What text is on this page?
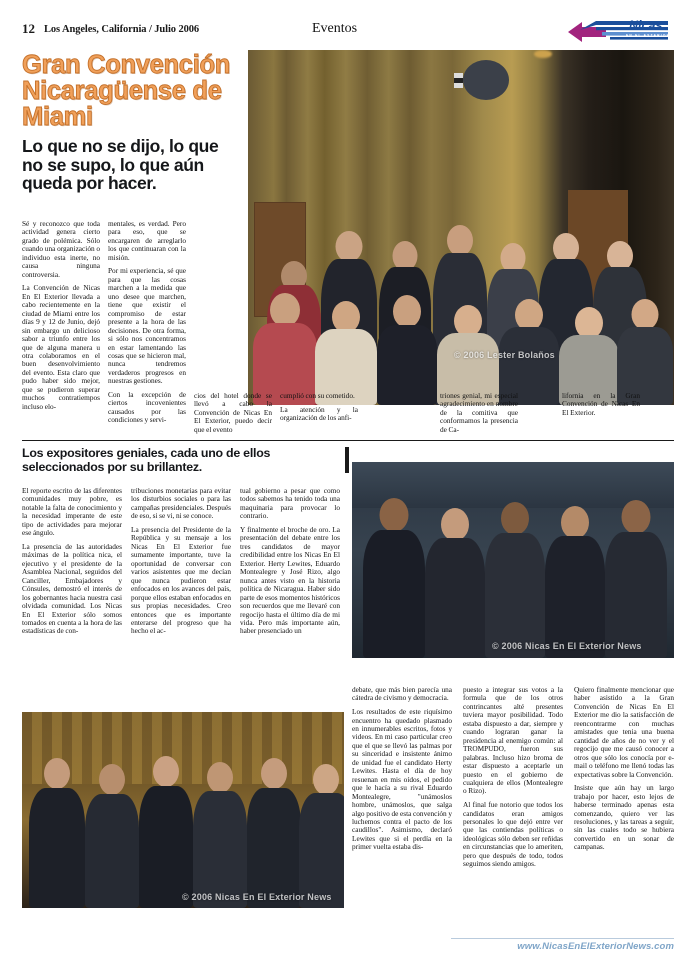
12 Los Angeles, California / Julio 2006	Eventos	Nicas
EN EL EXTERIOR
© 2006 Lester Bolaños
Gran Convención Nicaragüense de Miami
Lo que no se dijo, lo que no se supo, lo que aún queda por hacer.

Sé y reconozco que toda actividad genera cierto grado de polémica. Sólo cuando una organización o individuo esta inerte, no causa ninguna controversia.

La Convención de Nicas En El Exterior llevada a cabo recientemente en la ciudad de Miami entre los días 9 y 12 de Junio, dejó sin embargo un delicioso sabor a triunfo entre los que de alguna manera u otra colaboramos en el buen desenvolvimiento del evento. Esta claro que pudo haber sido mejor, que se pudieron superar muchos contratiempos incluso elo-

mentales, es verdad. Pero para eso, que se encargaren de arreglarlo los que continuaran con la misión.

Por mi experiencia, sé que para que las cosas marchen a la medida que uno desee que marchen, tiene que existir el compromiso de estar presente a la hora de las decisiones. De otra forma, si sólo nos concentramos en estar lamentando las cosas que se hicieron mal, nunca tendremos verdaderos progresos en nuestras gestiones.

Con la excepción de ciertos incovenientes causados por las condiciones y servi-

cios del hotel donde se llevó a cabo la Convención de Nicas En El Exterior, puedo decir que el evento

cumplió con su cometido.

La atención y la organización de los anfi-

triones genial, mi especial agradecimiento en nombre de la comitiva que conformamos la presencia de Ca-

lifornia en la Gran Convención de Nicas En El Exterior.

Los expositores geniales, cada uno de ellos seleccionados por su brillantez.
© 2006 Nicas En El Exterior News

El reporte escrito de las diferentes comunidades muy pobre, es notable la falta de conocimiento y la necesidad imperante de este tipo de actividades para mejorar ese ángulo.

La presencia de las autoridades máximas de la política nica, el ejecutivo y el presidente de la Asamblea Nacional, seguidos del Canciller, Embajadores y Cónsules, demostró el interés de los gobernantes hacia nuestra casi olvidada comunidad. Los Nicas En El Exterior sólo somos tomados en cuenta a la hora de las estadísticas de con-

tribuciones monetarias para evitar los disturbios sociales o para las campañas presidenciales. Después de eso, si se vi, ni se conoce.

La presencia del Presidente de la República y su mensaje a los Nicas En El Exterior fue sumamente importante, tuve la oportunidad de conversar con varios asistentes que me decían que nunca pudieron estar enfocados en los avances del país, porque ellos estaban enfocados en sus propias necesidades. Creo entonces que es importante enterarse del progreso que ha hecho el ac-

tual gobierno a pesar que como todos sabemos ha tenido toda una maquinaria para provocar lo contrario.

Y finalmente el broche de oro. La presentación del debate entre los tres candidatos de mayor credibilidad entre los Nicas En El Exterior. Herty Lewites, Eduardo Montealegre y José Rizo, algo nunca antes visto en la historia política de Nicaragua. Haber sido parte de esos momentos históricos son recuerdos que me llevaré con regocijo hasta el último día de mi vida. Pero más importante aún, haber presenciado un

© 2006 Nicas En El Exterior News

debate, que más bien parecía una cátedra de civismo y democracia.

Los resultados de este riquísimo encuentro ha quedado plasmado en innumerables escritos, fotos y videos. En mi caso particular creo que el que se llevó las palmas por su sinceridad e insistente ánimo de unidad fue el candidato Herty Lewites. Hasta el día de hoy resuenan en mis oídos, el pedido que le hacía a su rival Eduardo Montealegre, "unámoslos hombre, unámoslos, que salga algo positivo de esta convención y luchemos contra el pacto de los caudillos". Asimismo, declaró Lewites que si el perdía en la primer vuelta estaba dis-

puesto a integrar sus votos a la formula que de los otros contrincantes alté presentes tuviera mayor posibilidad. Todo estaba dispuesto a dar, siempre y cuando lograran ganar la presidencia al enemigo común: al TROMPUDO, fueron sus palabras. Incluso hizo broma de estar dispuesto a aceptarle un puesto en el gobierno de cualquiera de ellos (Montealegre o Rizo).

Al final fue notorio que todos los candidatos eran amigos personales lo que dejó entre ver que las contiendas políticas o ideológicas sólo deben ser reñidas en circunstancias que lo ameriten, pero que después de todo, todos seguimos siendo amigos.

Quiero finalmente mencionar que haber asistido a la Gran Convención de Nicas En El Exterior me dio la satisfacción de reencontrarme con muchas amistades que tenia una buena cantidad de años de no ver y el regocijo que me causó conocer a otros que sólo los conocía por e-mail o teléfono me llenó todas las expectativas sobre la Convención.

Insiste que aún hay un largo trabajo por hacer, esto lejos de haberse terminado apenas esta comenzando, quiero ver las resoluciones, y las tareas a seguir, sin las cuales todo se hubiera convertido en un sonar de campanas.

www.NicasEnElExteriorNews.com
